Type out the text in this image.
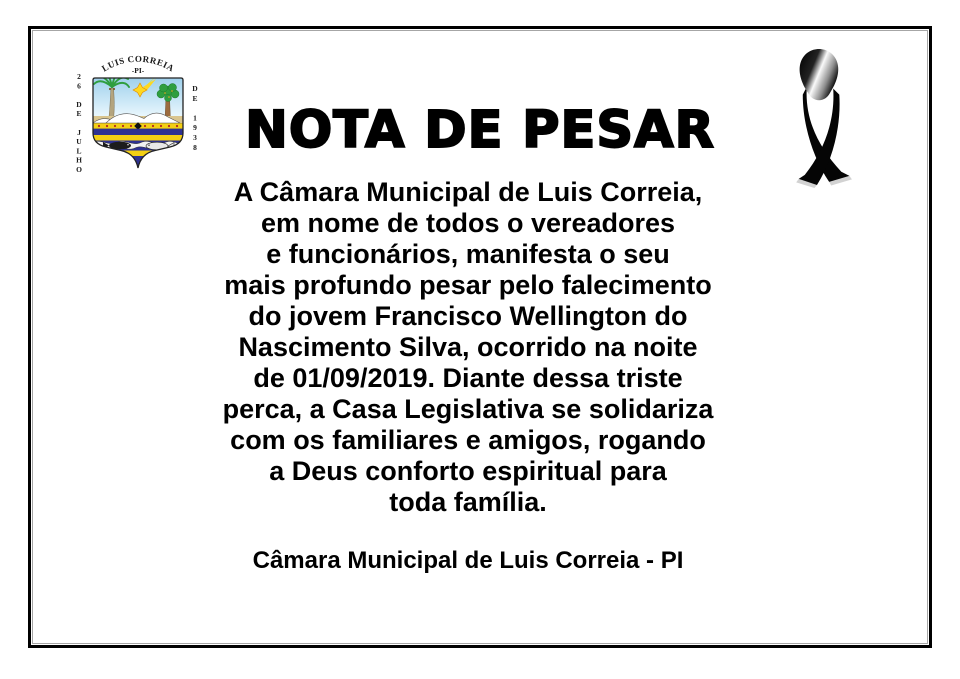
LUIS CORREIA
-PI-
26 DE JULHO	DE 1938 NOTA DE PESAR
A Câmara Municipal de Luis Correia,
em nome de todos o vereadores
e funcionários, manifesta o seu
mais profundo pesar pelo falecimento
do jovem Francisco Wellington do
Nascimento Silva, ocorrido na noite
de 01/09/2019. Diante dessa triste
perca, a Casa Legislativa se solidariza
com os familiares e amigos, rogando
a Deus conforto espiritual para
toda família.
Câmara Municipal de Luis Correia - PI
